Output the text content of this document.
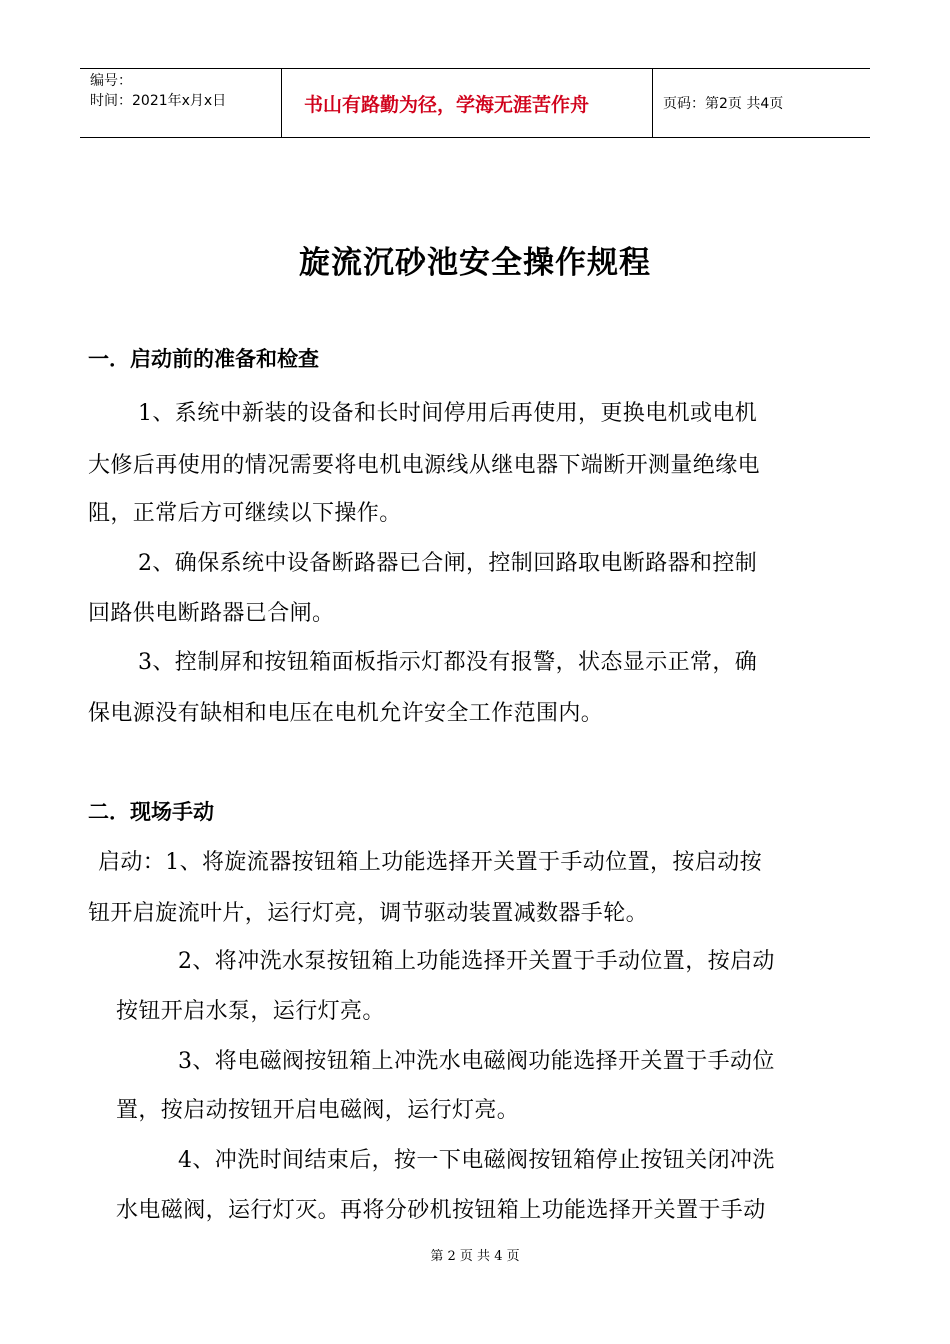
编号：
时间：2021年x月x日	书山有路勤为径，学海无涯苦作舟	页码：第2页 共4页
旋流沉砂池安全操作规程
一．启动前的准备和检查
1、系统中新装的设备和长时间停用后再使用，更换电机或电机
大修后再使用的情况需要将电机电源线从继电器下端断开测量绝缘电
阻，正常后方可继续以下操作。
2、确保系统中设备断路器已合闸，控制回路取电断路器和控制
回路供电断路器已合闸。
3、控制屏和按钮箱面板指示灯都没有报警，状态显示正常，确
保电源没有缺相和电压在电机允许安全工作范围内。
二．现场手动
启动：1、将旋流器按钮箱上功能选择开关置于手动位置，按启动按
钮开启旋流叶片，运行灯亮，调节驱动装置减数器手轮。
2、将冲洗水泵按钮箱上功能选择开关置于手动位置，按启动
按钮开启水泵，运行灯亮。
3、将电磁阀按钮箱上冲洗水电磁阀功能选择开关置于手动位
置，按启动按钮开启电磁阀，运行灯亮。
4、冲洗时间结束后，按一下电磁阀按钮箱停止按钮关闭冲洗
水电磁阀，运行灯灭。再将分砂机按钮箱上功能选择开关置于手动
第 2 页 共 4 页
